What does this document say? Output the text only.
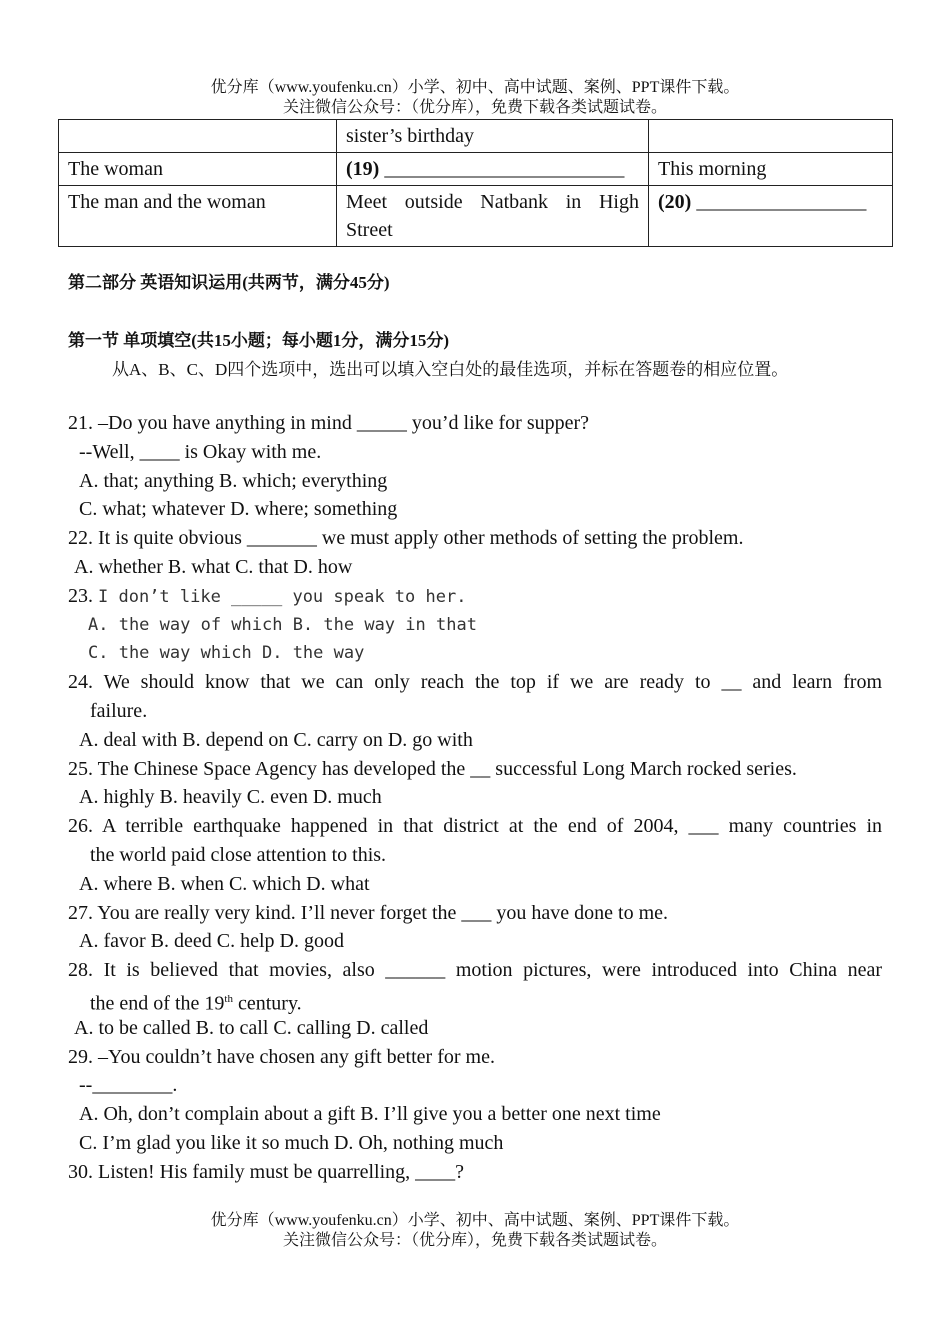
优分库（www.youfenku.cn）小学、初中、高中试题、案例、PPT课件下载。
关注微信公众号：（优分库），免费下载各类试题试卷。
	sister’s birthday	
The woman	(19) ________________________	This morning
The man and the woman	Meet outside Natbank in High Street	(20) _________________
第二部分 英语知识运用(共两节，满分45分)
第一节 单项填空(共15小题；每小题1分，满分15分)
从A、B、C、D四个选项中，选出可以填入空白处的最佳选项，并标在答题卷的相应位置。
21. –Do you have anything in mind _____ you’d like for supper?
--Well, ____ is Okay with me.
A. that; anything B. which; everything
C. what; whatever D. where; something
22. It is quite obvious _______ we must apply other methods of setting the problem.
A. whether B. what C. that D. how
23. I don’t like _____ you speak to her.
A. the way of which B. the way in that
C. the way which D. the way
24. We should know that we can only reach the top if we are ready to __ and learn from
failure.
A. deal with B. depend on C. carry on D. go with
25. The Chinese Space Agency has developed the __ successful Long March rocked series.
A. highly B. heavily C. even D. much
26. A terrible earthquake happened in that district at the end of 2004, ___ many countries in
the world paid close attention to this.
A. where B. when C. which D. what
27. You are really very kind. I’ll never forget the ___ you have done to me.
A. favor B. deed C. help D. good
28. It is believed that movies, also ______ motion pictures, were introduced into China near
the end of the 19th century.
A. to be called B. to call C. calling D. called
29. –You couldn’t have chosen any gift better for me.
--________.
A. Oh, don’t complain about a gift B. I’ll give you a better one next time
C. I’m glad you like it so much D. Oh, nothing much
30. Listen! His family must be quarrelling, ____?
优分库（www.youfenku.cn）小学、初中、高中试题、案例、PPT课件下载。
关注微信公众号：（优分库），免费下载各类试题试卷。
